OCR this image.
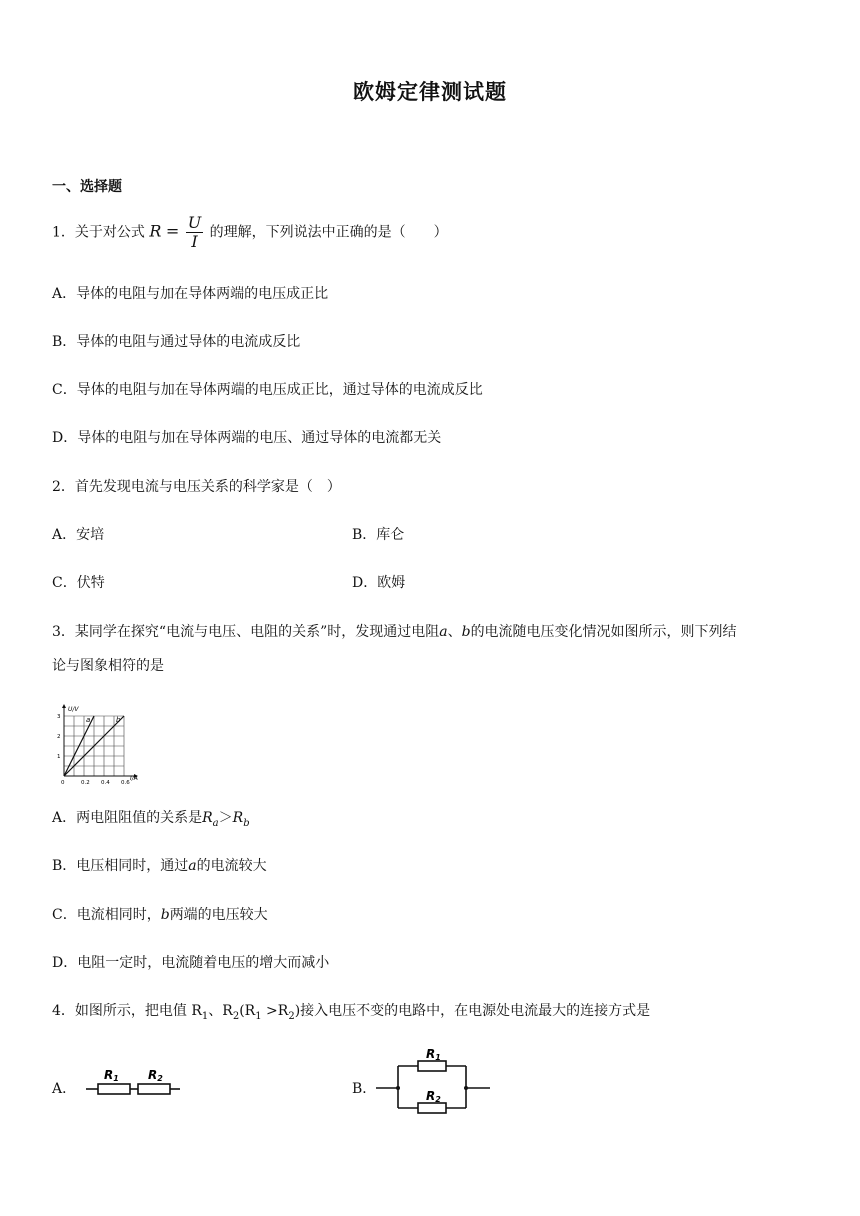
欧姆定律测试题
一、选择题
1．关于对公式 $R = \frac{U}{I}$ 的理解，下列说法中正确的是（　　）
A．导体的电阻与加在导体两端的电压成正比
B．导体的电阻与通过导体的电流成反比
C．导体的电阻与加在导体两端的电压成正比，通过导体的电流成反比
D．导体的电阻与加在导体两端的电压、通过导体的电流都无关
2．首先发现电流与电压关系的科学家是（　）
A．安培	B．库仑
C．伏特	D．欧姆
3．某同学在探究“电流与电压、电阻的关系”时，发现通过电阻a、b的电流随电压变化情况如图所示，则下列结
论与图象相符的是
I/A
U/V
a	b
0	0.2 0.4 0.6
1
2
3
A．两电阻阻值的关系是$R_a>R_b$
B．电压相同时，通过a的电流较大
C．电流相同时，b两端的电压较大
D．电阻一定时，电流随着电压的增大而减小
4．如图所示，把电值 $R_1$、$R_2(R_1 >R_2)$接入电压不变的电路中，在电源处电流最大的连接方式是
A．
R1 R2
B．
R1
R2
